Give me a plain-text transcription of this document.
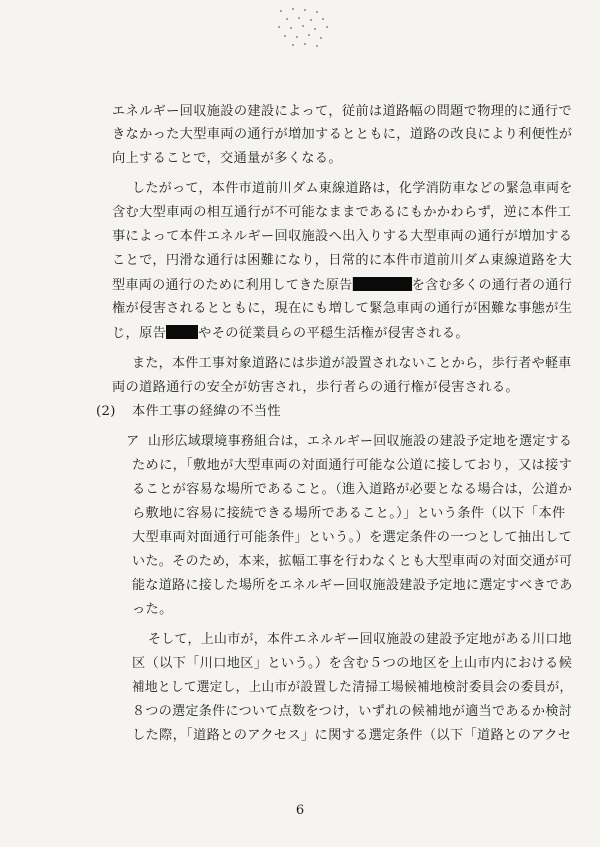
エネルギー回収施設の建設によって，従前は道路幅の問題で物理的に通行で
きなかった大型車両の通行が増加するとともに，道路の改良により利便性が
向上することで，交通量が多くなる。
したがって，本件市道前川ダム東線道路は，化学消防車などの緊急車両を
含む大型車両の相互通行が不可能なままであるにもかかわらず，逆に本件工
事によって本件エネルギー回収施設へ出入りする大型車両の通行が増加する
ことで，円滑な通行は困難になり，日常的に本件市道前川ダム東線道路を大
型車両の通行のために利用してきた原告	を含む多くの通行者の通行
権が侵害されるとともに，現在にも増して緊急車両の通行が困難な事態が生
じ，原告 やその従業員らの平穏生活権が侵害される。
また，本件工事対象道路には歩道が設置されないことから，歩行者や軽車
両の道路通行の安全が妨害され，歩行者らの通行権が侵害される。
(2) 本件工事の経緯の不当性
ア 山形広域環境事務組合は，エネルギー回収施設の建設予定地を選定する
ために，「敷地が大型車両の対面通行可能な公道に接しており，又は接す
ることが容易な場所であること。（進入道路が必要となる場合は，公道か
ら敷地に容易に接続できる場所であること。）」という条件（以下「本件
大型車両対面通行可能条件」という。）を選定条件の一つとして抽出して
いた。そのため，本来，拡幅工事を行わなくとも大型車両の対面交通が可
能な道路に接した場所をエネルギー回収施設建設予定地に選定すべきであ
った。
そして，上山市が，本件エネルギー回収施設の建設予定地がある川口地
区（以下「川口地区」という。）を含む５つの地区を上山市内における候
補地として選定し，上山市が設置した清掃工場候補地検討委員会の委員が，
８つの選定条件について点数をつけ，いずれの候補地が適当であるか検討
した際，「道路とのアクセス」に関する選定条件（以下「道路とのアクセ
6
